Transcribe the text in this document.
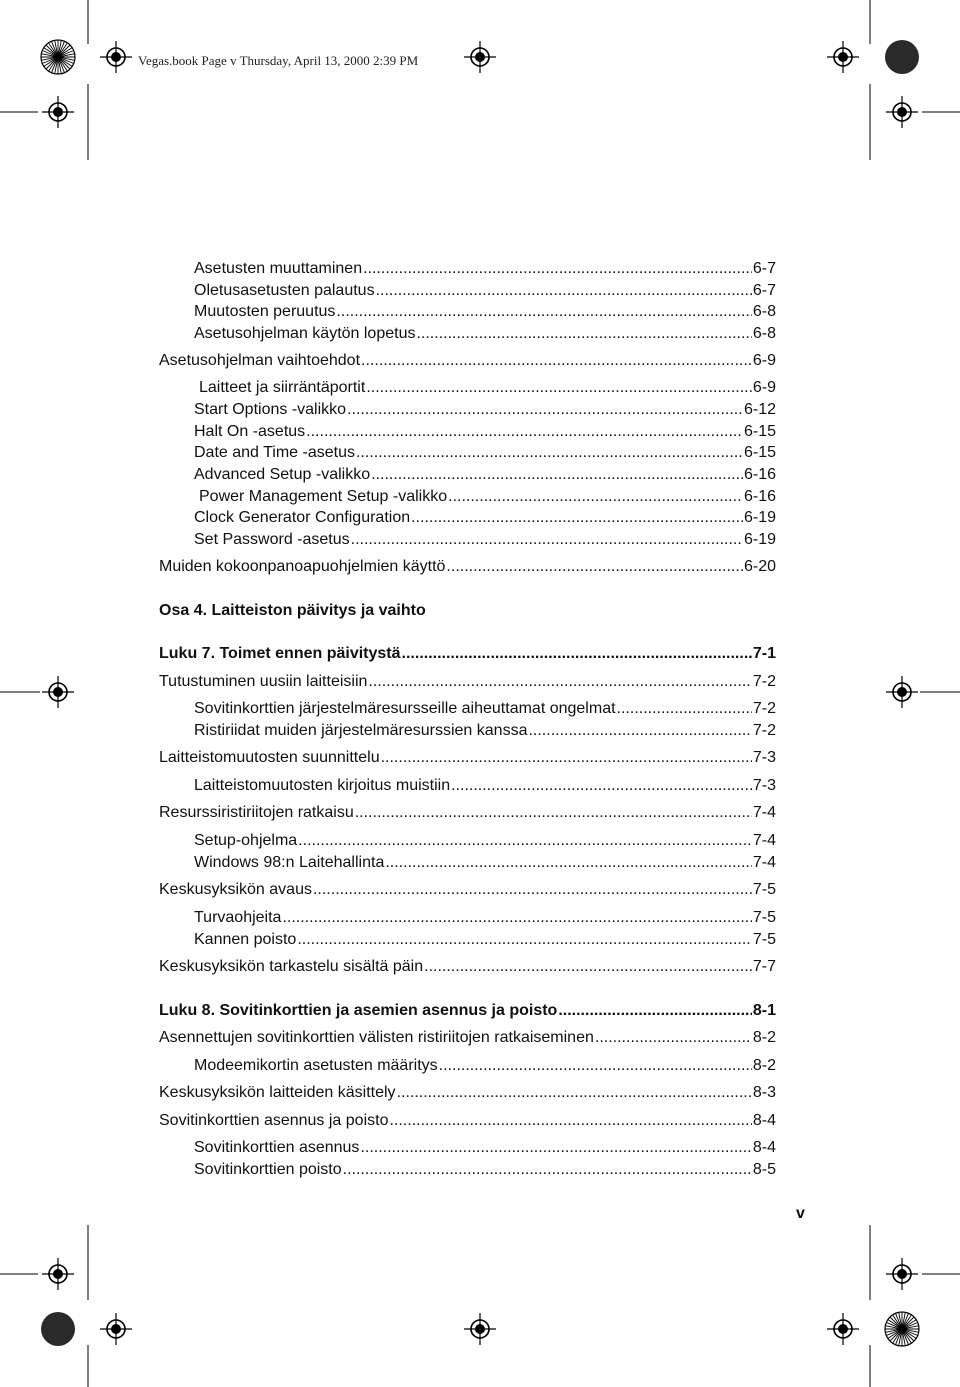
Vegas.book Page v Thursday, April 13, 2000 2:39 PM
Asetusten muuttaminen .....	6-7
Oletusasetusten palautus .....	6-7
Muutosten peruutus .....	6-8
Asetusohjelman käytön lopetus .....	6-8
Asetusohjelman vaihtoehdot .....	6-9
Laitteet ja siirräntäportit .....	6-9
Start Options -valikko .....	6-12
Halt On -asetus .....	6-15
Date and Time -asetus .....	6-15
Advanced Setup -valikko .....	6-16
Power Management Setup -valikko .....	6-16
Clock Generator Configuration .....	6-19
Set Password -asetus .....	6-19
Muiden kokoonpanoapuohjelmien käyttö .....	6-20
Osa 4. Laitteiston päivitys ja vaihto
Luku 7. Toimet ennen päivitystä .....	7-1
Tutustuminen uusiin laitteisiin .....	7-2
Sovitinkorttien järjestelmäresursseille aiheuttamat ongelmat .....	7-2
Ristiriidat muiden järjestelmäresurssien kanssa .....	7-2
Laitteistomuutosten suunnittelu .....	7-3
Laitteistomuutosten kirjoitus muistiin .....	7-3
Resurssiristiriitojen ratkaisu .....	7-4
Setup-ohjelma .....	7-4
Windows 98:n Laitehallinta .....	7-4
Keskusyksikön avaus .....	7-5
Turvaohjeita .....	7-5
Kannen poisto .....	7-5
Keskusyksikön tarkastelu sisältä päin .....	7-7
Luku 8. Sovitinkorttien ja asemien asennus ja poisto .....	8-1
Asennettujen sovitinkorttien välisten ristiriitojen ratkaiseminen .....	8-2
Modeemikortin asetusten määritys .....	8-2
Keskusyksikön laitteiden käsittely .....	8-3
Sovitinkorttien asennus ja poisto .....	8-4
Sovitinkorttien asennus .....	8-4
Sovitinkorttien poisto .....	8-5
v
